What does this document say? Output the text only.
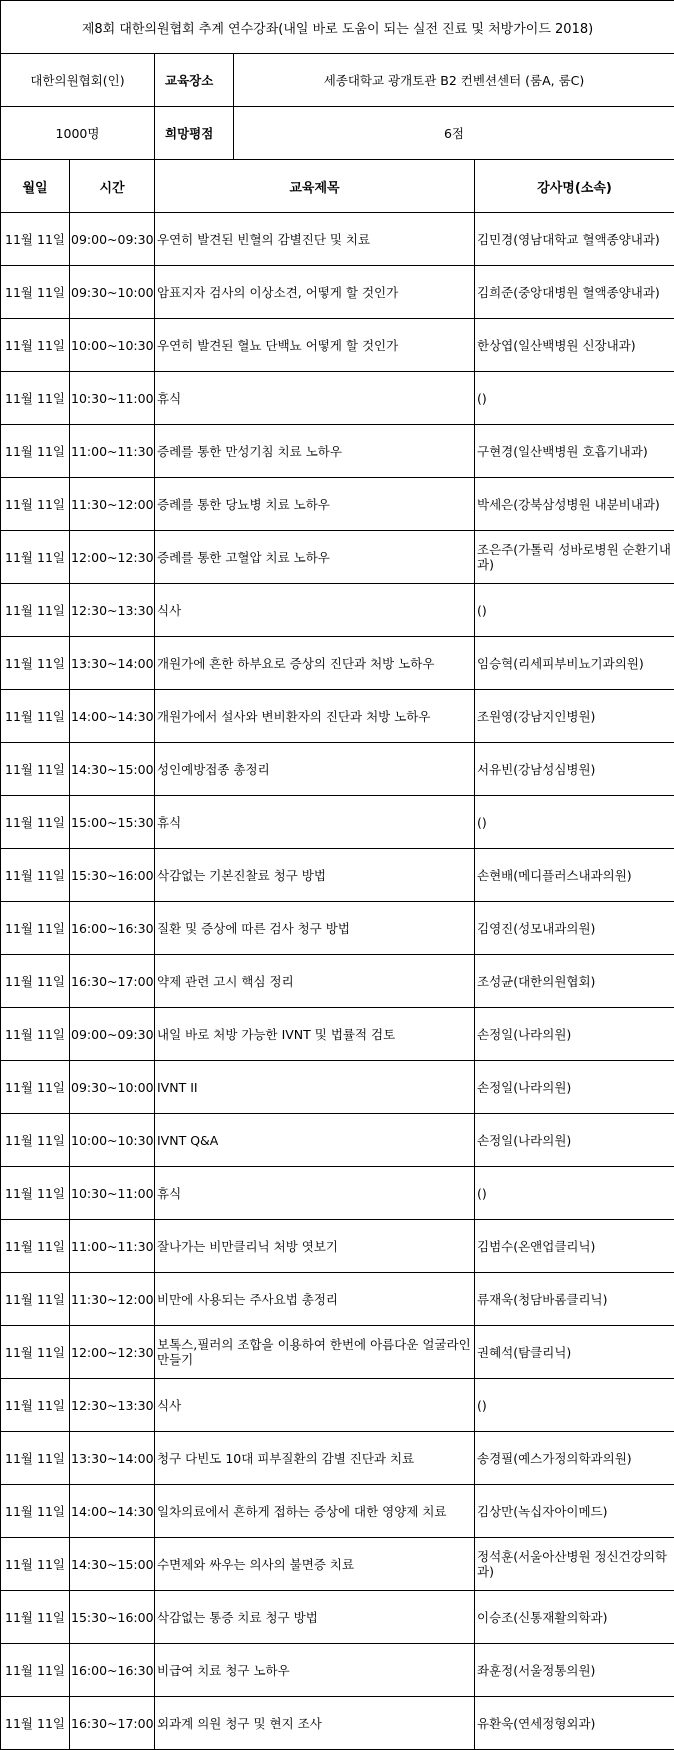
제8회 대한의원협회 추계 연수강좌(내일 바로 도움이 되는 실전 진료 및 처방가이드 2018)			
대한의원협회(인)		교육장소 세종대학교 광개토관 B2 컨벤션센터 (룸A, 룸C)	

1000명		희망평점 6점	

월일	시간	교육제목	강사명(소속)
11월 11일	09:00~09:30	우연히 발견된 빈혈의 감별진단 및 치료	김민경(영남대학교 혈액종양내과)
11월 11일	09:30~10:00	암표지자 검사의 이상소견, 어떻게 할 것인가	김희준(중앙대병원 혈액종양내과)
11월 11일	10:00~10:30	우연히 발견된 혈뇨 단백뇨 어떻게 할 것인가	한상엽(일산백병원 신장내과)
11월 11일	10:30~11:00	휴식	()
11월 11일	11:00~11:30	증례를 통한 만성기침 치료 노하우	구현경(일산백병원 호흡기내과)
11월 11일	11:30~12:00	증례를 통한 당뇨병 치료 노하우	박세은(강북삼성병원 내분비내과)
11월 11일	12:00~12:30	증례를 통한 고혈압 치료 노하우	조은주(가톨릭 성바로병원 순환기내과)
11월 11일	12:30~13:30	식사	()
11월 11일	13:30~14:00	개원가에 흔한 하부요로 증상의 진단과 처방 노하우	임승혁(리세피부비뇨기과의원)
11월 11일	14:00~14:30	개원가에서 설사와 변비환자의 진단과 처방 노하우	조원영(강남지인병원)
11월 11일	14:30~15:00	성인예방접종 총정리	서유빈(강남성심병원)
11월 11일	15:00~15:30	휴식	()
11월 11일	15:30~16:00	삭감없는 기본진찰료 청구 방법	손현배(메디플러스내과의원)
11월 11일	16:00~16:30	질환 및 증상에 따른 검사 청구 방법	김영진(성모내과의원)
11월 11일	16:30~17:00	약제 관련 고시 핵심 정리	조성균(대한의원협회)
11월 11일	09:00~09:30	내일 바로 처방 가능한 IVNT 및 법률적 검토	손정일(나라의원)
11월 11일	09:30~10:00	IVNT II	손정일(나라의원)
11월 11일	10:00~10:30	IVNT Q&A	손정일(나라의원)
11월 11일	10:30~11:00	휴식	()
11월 11일	11:00~11:30	잘나가는 비만클리닉 처방 엿보기	김범수(온앤업클리닉)
11월 11일	11:30~12:00	비만에 사용되는 주사요법 총정리	류재욱(청담바롬클리닉)
11월 11일	12:00~12:30	보톡스,필러의 조합을 이용하여 한번에 아름다운 얼굴라인 만들기	권혜석(탐클리닉)
11월 11일	12:30~13:30	식사	()
11월 11일	13:30~14:00	청구 다빈도 10대 피부질환의 감별 진단과 치료	송경필(예스가정의학과의원)
11월 11일	14:00~14:30	일차의료에서 흔하게 접하는 증상에 대한 영양제 치료	김상만(녹십자아이메드)
11월 11일	14:30~15:00	수면제와 싸우는 의사의 불면증 치료	정석훈(서울아산병원 정신건강의학과)
11월 11일	15:30~16:00	삭감없는 통증 치료 청구 방법	이승조(신통재활의학과)
11월 11일	16:00~16:30	비급여 치료 청구 노하우	좌훈정(서울정통의원)
11월 11일	16:30~17:00	외과계 의원 청구 및 현지 조사	유환욱(연세정형외과)
